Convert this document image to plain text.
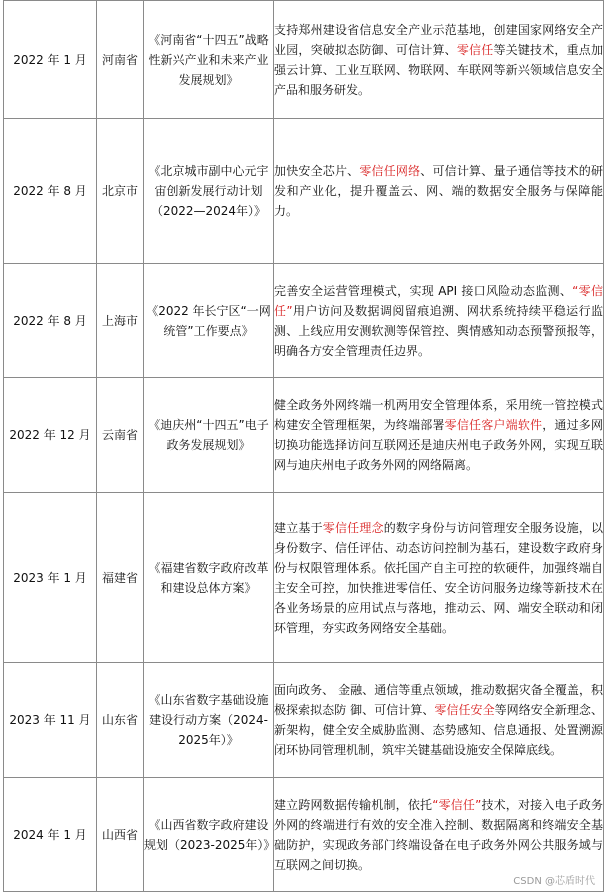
2022 年 1 月	河南省	《河南省“十四五”战略性新兴产业和未来产业发展规划》	支持郑州建设省信息安全产业示范基地，创建国家网络安全产业园，突破拟态防御、可信计算、零信任等关键技术，重点加强云计算、工业互联网、物联网、车联网等新兴领域信息安全产品和服务研发。
2022 年 8 月	北京市	《北京城市副中心元宇宙创新发展行动计划（2022—2024年）》	加快安全芯片、零信任网络、可信计算、量子通信等技术的研发和产业化，提升覆盖云、网、端的数据安全服务与保障能力。
2022 年 8 月	上海市	《2022 年长宁区“一网统管”工作要点》	完善安全运营管理模式，实现 API 接口风险动态监测、“零信任”用户访问及数据调阅留痕追溯、网状系统持续平稳运行监测、上线应用安测软测等保管控、舆情感知动态预警预报等，明确各方安全管理责任边界。
2022 年 12 月	云南省	《迪庆州“十四五”电子政务发展规划》	健全政务外网终端一机两用安全管理体系，采用统一管控模式构建安全管理框架，为终端部署零信任客户端软件，通过多网切换功能选择访问互联网还是迪庆州电子政务外网，实现互联网与迪庆州电子政务外网的网络隔离。
2023 年 1 月	福建省	《福建省数字政府改革和建设总体方案》	建立基于零信任理念的数字身份与访问管理安全服务设施，以身份数字、信任评估、动态访问控制为基石，建设数字政府身份与权限管理体系。依托国产自主可控的软硬件，加强终端自主安全可控，加快推进零信任、安全访问服务边缘等新技术在各业务场景的应用试点与落地，推动云、网、端安全联动和闭环管理，夯实政务网络安全基础。
2023 年 11 月	山东省	《山东省数字基础设施建设行动方案（2024-2025年）》	面向政务、 金融、通信等重点领域，推动数据灾备全覆盖，积极探索拟态防 御、可信计算、零信任安全等网络安全新理念、新架构，健全安全威胁监测、态势感知、信息通报、处置溯源闭环协同管理机制，筑牢关键基础设施安全保障底线。
2024 年 1 月	山西省	《山西省数字政府建设规划（2023-2025年）》	建立跨网数据传输机制，依托“零信任”技术，对接入电子政务外网的终端进行有效的安全准入控制、数据隔离和终端安全基础防护，实现政务部门终端设备在电子政务外网公共服务域与互联网之间切换。
CSDN @芯盾时代
